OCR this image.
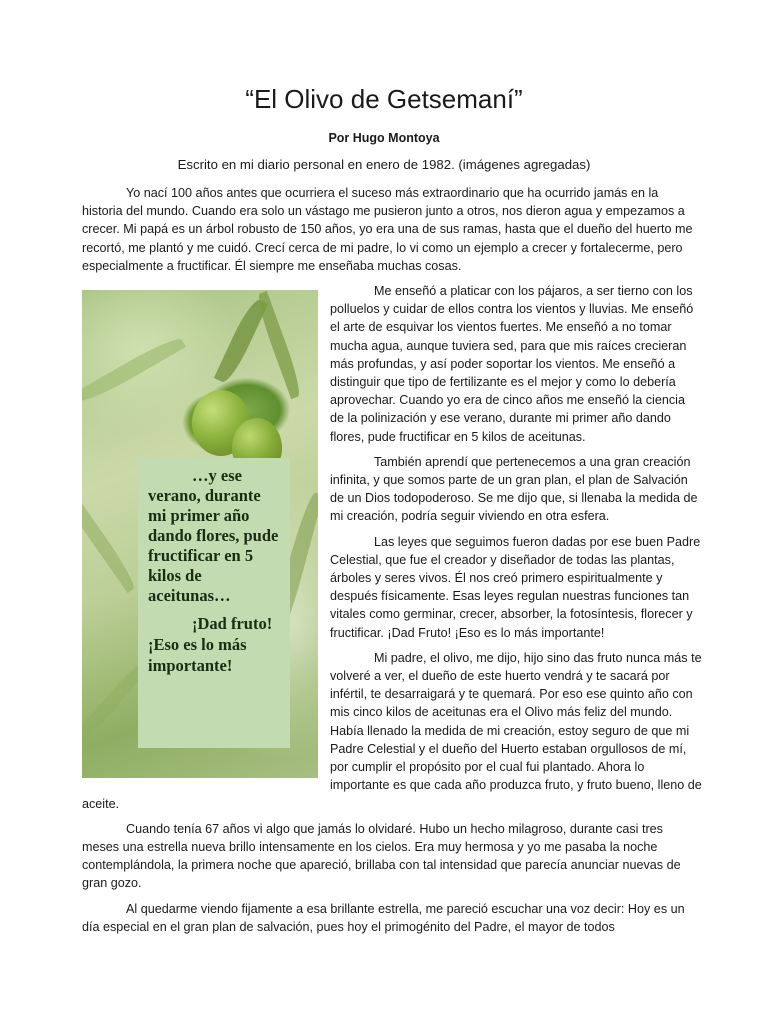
“El Olivo de Getsemaní”

Por Hugo Montoya

Escrito en mi diario personal en enero de 1982. (imágenes agregadas)

Yo nací 100 años antes que ocurriera el suceso más extraordinario que ha ocurrido jamás en la historia del mundo. Cuando era solo un vástago me pusieron junto a otros, nos dieron agua y empezamos a crecer. Mi papá es un árbol robusto de 150 años, yo era una de sus ramas, hasta que el dueño del huerto me recortó, me plantó y me cuidó. Crecí cerca de mi padre, lo vi como un ejemplo a crecer y fortalecerme, pero especialmente a fructificar. Él siempre me enseñaba muchas cosas.

…y ese verano, durante mi primer año dando flores, pude fructificar en 5 kilos de aceitunas…

¡Dad fruto! ¡Eso es lo más importante!

Me enseñó a platicar con los pájaros, a ser tierno con los polluelos y cuidar de ellos contra los vientos y lluvias. Me enseñó el arte de esquivar los vientos fuertes. Me enseñó a no tomar mucha agua, aunque tuviera sed, para que mis raíces crecieran más profundas, y así poder soportar los vientos. Me enseñó a distinguir que tipo de fertilizante es el mejor y como lo debería aprovechar. Cuando yo era de cinco años me enseñó la ciencia de la polinización y ese verano, durante mi primer año dando flores, pude fructificar en 5 kilos de aceitunas.

También aprendí que pertenecemos a una gran creación infinita, y que somos parte de un gran plan, el plan de Salvación de un Dios todopoderoso. Se me dijo que, si llenaba la medida de mi creación, podría seguir viviendo en otra esfera.

Las leyes que seguimos fueron dadas por ese buen Padre Celestial, que fue el creador y diseñador de todas las plantas, árboles y seres vivos. Él nos creó primero espiritualmente y después físicamente. Esas leyes regulan nuestras funciones tan vitales como germinar, crecer, absorber, la fotosíntesis, florecer y fructificar. ¡Dad Fruto! ¡Eso es lo más importante!

Mi padre, el olivo, me dijo, hijo sino das fruto nunca más te volveré a ver, el dueño de este huerto vendrá y te sacará por infértil, te desarraigará y te quemará. Por eso ese quinto año con mis cinco kilos de aceitunas era el Olivo más feliz del mundo. Había llenado la medida de mi creación, estoy seguro de que mi Padre Celestial y el dueño del Huerto estaban orgullosos de mí, por cumplir el propósito por el cual fui plantado. Ahora lo importante es que cada año produzca fruto, y fruto bueno, lleno de aceite.

Cuando tenía 67 años vi algo que jamás lo olvidaré. Hubo un hecho milagroso, durante casi tres meses una estrella nueva brillo intensamente en los cielos. Era muy hermosa y yo me pasaba la noche contemplándola, la primera noche que apareció, brillaba con tal intensidad que parecía anunciar nuevas de gran gozo.

Al quedarme viendo fijamente a esa brillante estrella, me pareció escuchar una voz decir: Hoy es un día especial en el gran plan de salvación, pues hoy el primogénito del Padre, el mayor de todos
